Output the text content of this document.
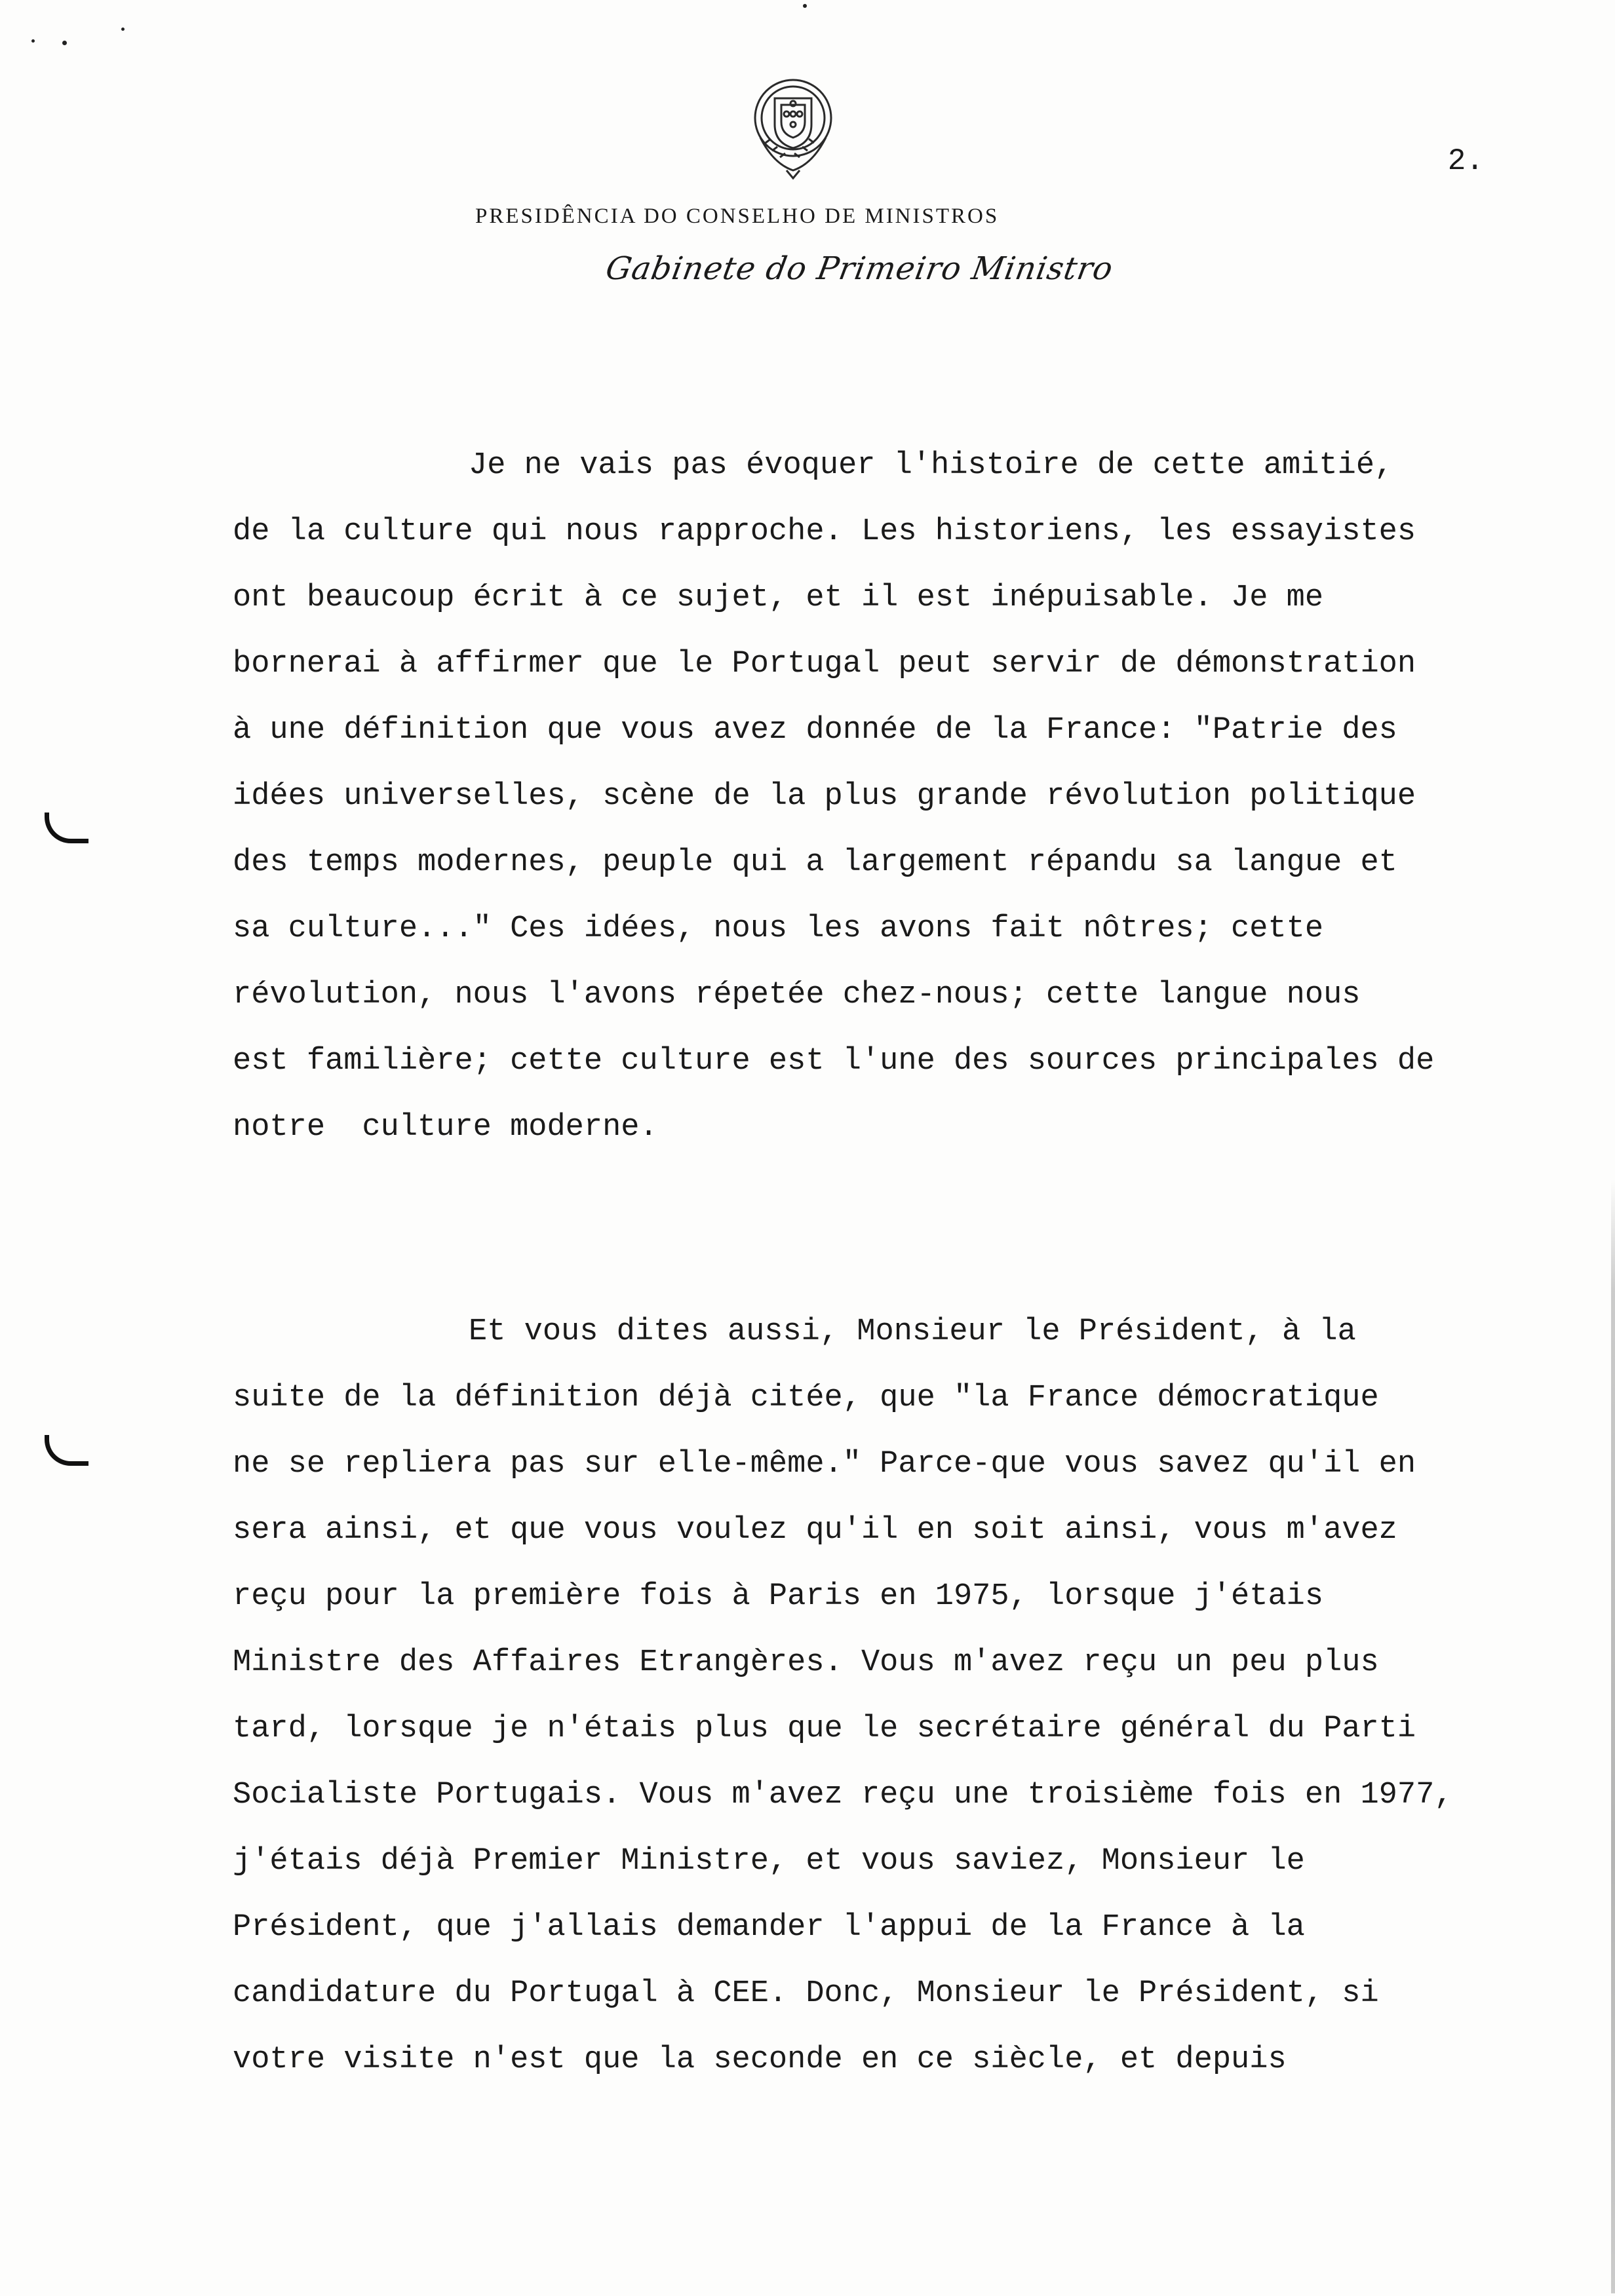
2.

PRESIDÊNCIA DO CONSELHO DE MINISTROS

Gabinete do Primeiro Ministro

Je ne vais pas évoquer l'histoire de cette amitié,
de la culture qui nous rapproche. Les historiens, les essayistes
ont beaucoup écrit à ce sujet, et il est inépuisable. Je me
bornerai à affirmer que le Portugal peut servir de démonstration
à une définition que vous avez donnée de la France: "Patrie des
idées universelles, scène de la plus grande révolution politique
des temps modernes, peuple qui a largement répandu sa langue et
sa culture..." Ces idées, nous les avons fait nôtres; cette
révolution, nous l'avons répetée chez-nous; cette langue nous
est familière; cette culture est l'une des sources principales de
notre  culture moderne.
Et vous dites aussi, Monsieur le Président, à la
suite de la définition déjà citée, que "la France démocratique
ne se repliera pas sur elle-même." Parce-que vous savez qu'il en
sera ainsi, et que vous voulez qu'il en soit ainsi, vous m'avez
reçu pour la première fois à Paris en 1975, lorsque j'étais
Ministre des Affaires Etrangères. Vous m'avez reçu un peu plus
tard, lorsque je n'étais plus que le secrétaire général du Parti
Socialiste Portugais. Vous m'avez reçu une troisième fois en 1977,
j'étais déjà Premier Ministre, et vous saviez, Monsieur le
Président, que j'allais demander l'appui de la France à la
candidature du Portugal à CEE. Donc, Monsieur le Président, si
votre visite n'est que la seconde en ce siècle, et depuis
